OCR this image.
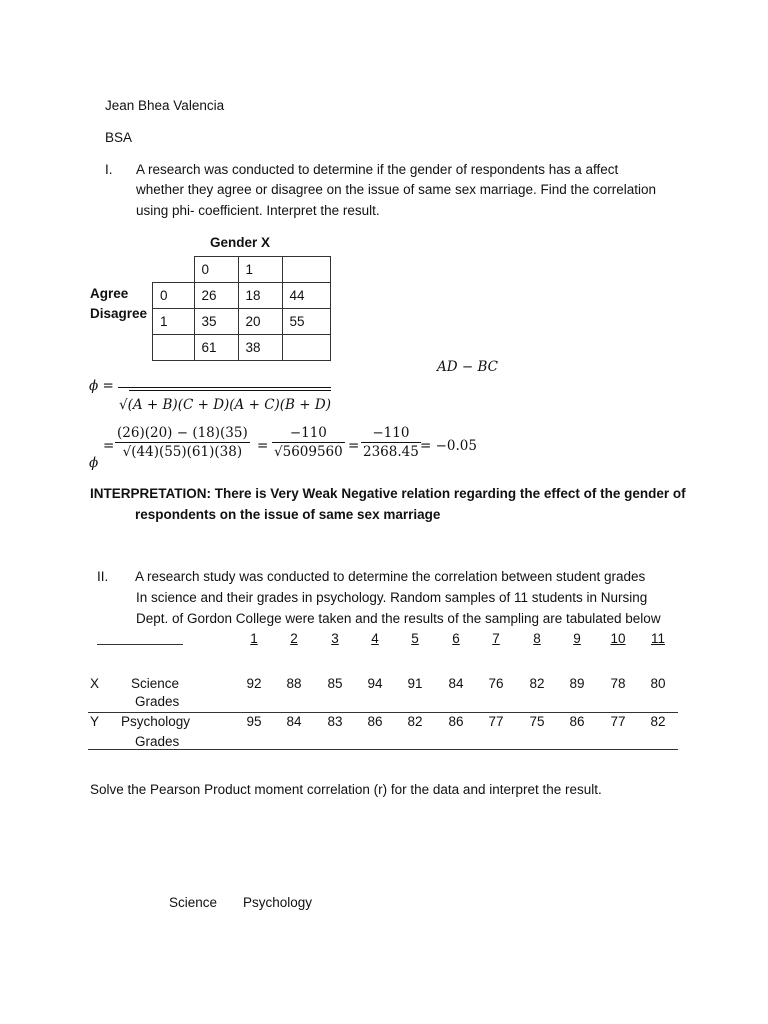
Jean Bhea Valencia
BSA
I. A research was conducted to determine if the gender of respondents has a affect
whether they agree or disagree on the issue of same sex marriage. Find the correlation
using phi- coefficient. Interpret the result.
Gender X
Agree
Disagree
	0	1	
0	26	18	44
1	35	20	55
	61	38	
AD − BC
ϕ =
√(A + B)(C + D)(A + C)(B + D)
=
ϕ
$\frac{(26)(20) - (18)(35)}{√(44)(55)(61)(38)} = \frac{-110}{√5609560} = \frac{-110}{2368.45} = -0.05$
INTERPRETATION: There is Very Weak Negative relation regarding the effect of the gender of
respondents on the issue of same sex marriage
II. A research study was conducted to determine the correlation between student grades
In science and their grades in psychology. Random samples of 11 students in Nursing
Dept. of Gordon College were taken and the results of the sampling are tabulated below
1	2	3	4	5	6	7	8	9	10	11
X Science
Grades
92	88	85	94	91	84	76	82	89	78	80
Y Psychology
Grades
95	84	83	86	82	86	77	75	86	77	82
Solve the Pearson Product moment correlation (r) for the data and interpret the result.
Science Psychology
